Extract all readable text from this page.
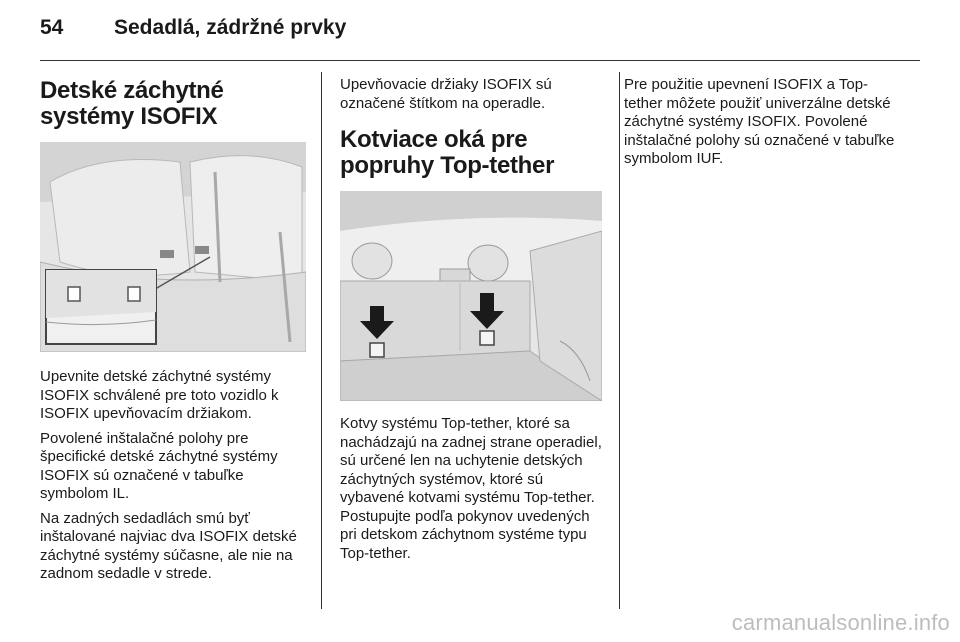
54	Sedadlá, zádržné prvky
Detské záchytné systémy ISOFIX

Upevnite detské záchytné systémy ISOFIX schválené pre toto vozidlo k ISOFIX upevňovacím držiakom.

Povolené inštalačné polohy pre špecifické detské záchytné systémy ISOFIX sú označené v tabuľke symbolom IL.

Na zadných sedadlách smú byť inštalované najviac dva ISOFIX detské záchytné systémy súčasne, ale nie na zadnom sedadle v strede.

Upevňovacie držiaky ISOFIX sú označené štítkom na operadle.

Kotviace oká pre popruhy Top-tether

Kotvy systému Top-tether, ktoré sa nachádzajú na zadnej strane operadiel, sú určené len na uchytenie detských záchytných systémov, ktoré sú vybavené kotvami systému Top-tether. Postupujte podľa pokynov uvedených pri detskom záchytnom systéme typu Top-tether.

Pre použitie upevnení ISOFIX a Top-tether môžete použiť univerzálne detské záchytné systémy ISOFIX. Povolené inštalačné polohy sú označené v tabuľke symbolom IUF.

carmanualsonline.info
